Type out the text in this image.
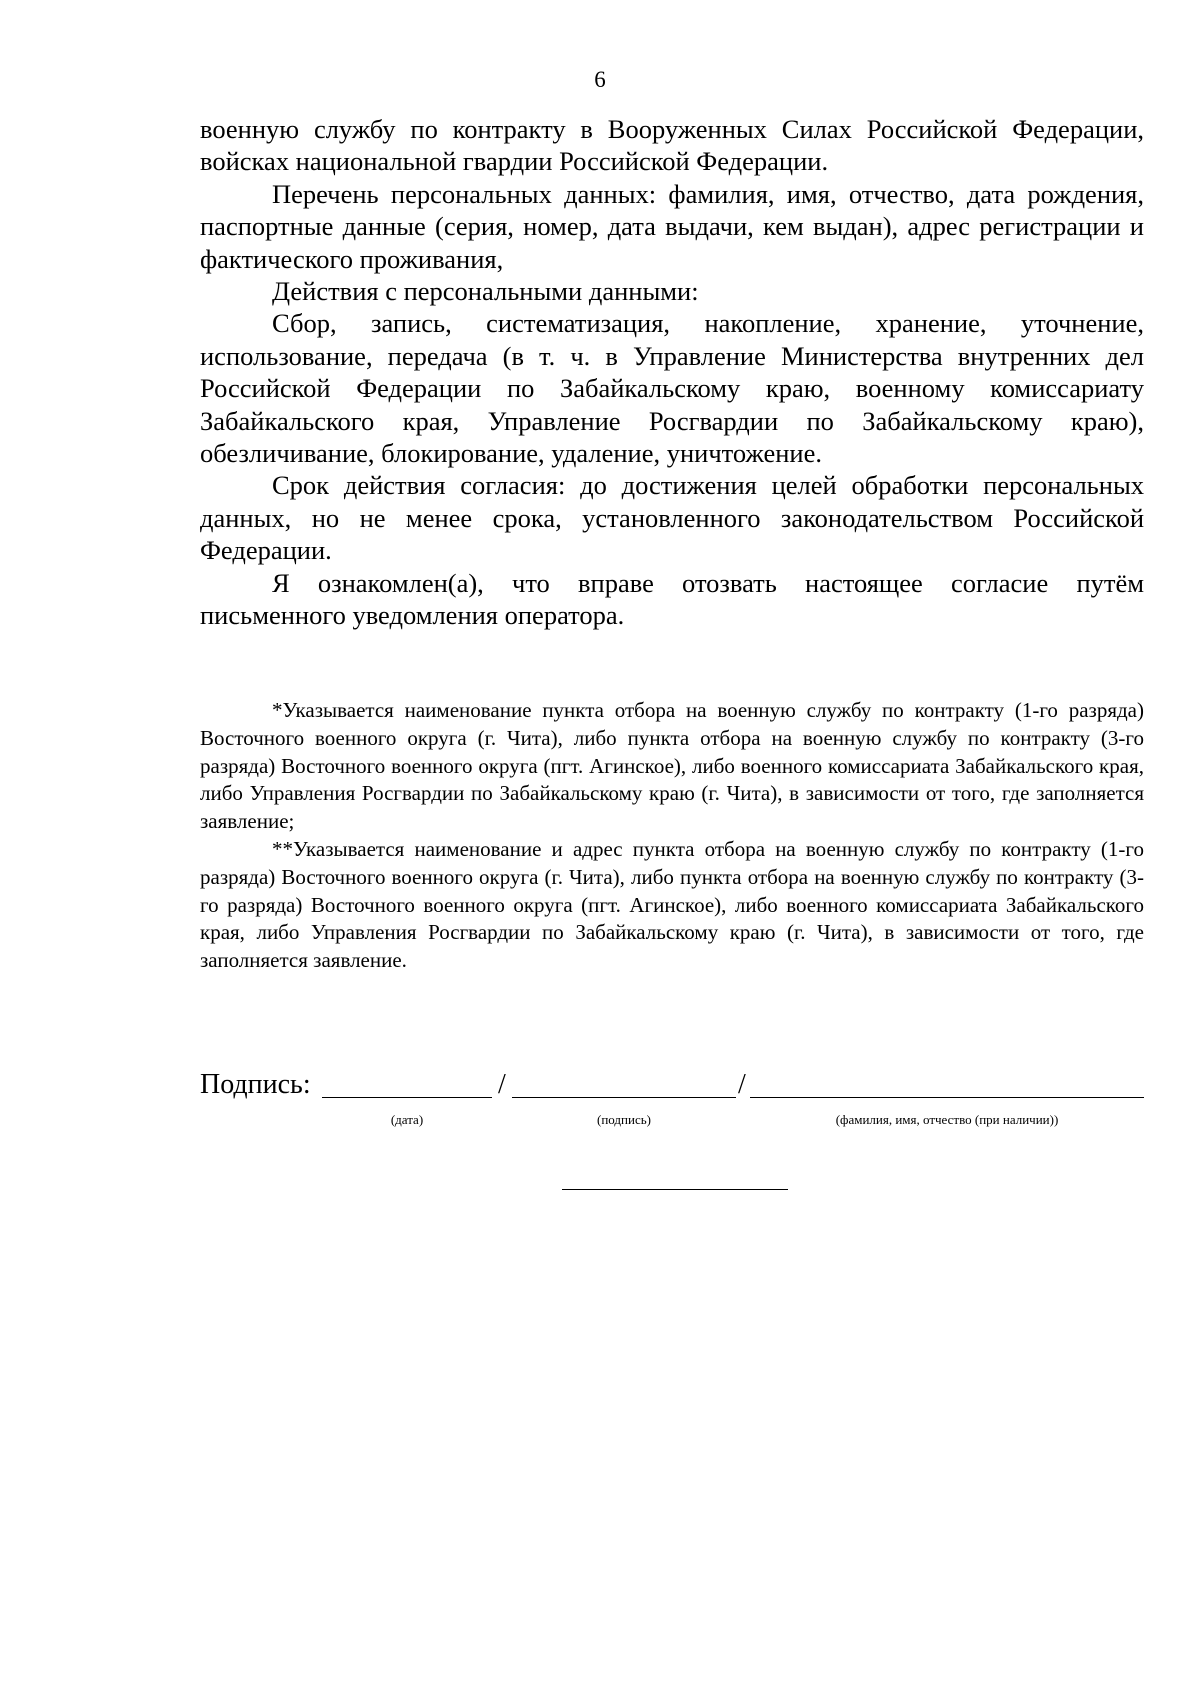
6

военную службу по контракту в Вооруженных Силах Российской Федерации, войсках национальной гвардии Российской Федерации.

Перечень персональных данных: фамилия, имя, отчество, дата рождения, паспортные данные (серия, номер, дата выдачи, кем выдан), адрес регистрации и фактического проживания,

Действия с персональными данными:

Сбор, запись, систематизация, накопление, хранение, уточнение, использование, передача (в т. ч. в Управление Министерства внутренних дел Российской Федерации по Забайкальскому краю, военному комиссариату Забайкальского края, Управление Росгвардии по Забайкальскому краю), обезличивание, блокирование, удаление, уничтожение.

Срок действия согласия: до достижения целей обработки персональных данных, но не менее срока, установленного законодательством Российской Федерации.

Я ознакомлен(а), что вправе отозвать настоящее согласие путём письменного уведомления оператора.

*Указывается наименование пункта отбора на военную службу по контракту (1-го разряда) Восточного военного округа (г. Чита), либо пункта отбора на военную службу по контракту (3-го разряда) Восточного военного округа (пгт. Агинское), либо военного комиссариата Забайкальского края, либо Управления Росгвардии по Забайкальскому краю (г. Чита), в зависимости от того, где заполняется заявление;

**Указывается наименование и адрес пункта отбора на военную службу по контракту (1-го разряда) Восточного военного округа (г. Чита), либо пункта отбора на военную службу по контракту (3-го разряда) Восточного военного округа (пгт. Агинское), либо военного комиссариата Забайкальского края, либо Управления Росгвардии по Забайкальскому краю (г. Чита), в зависимости от того, где заполняется заявление.

Подпись:	/	/
(дата)	(подпись)	(фамилия, имя, отчество (при наличии))
